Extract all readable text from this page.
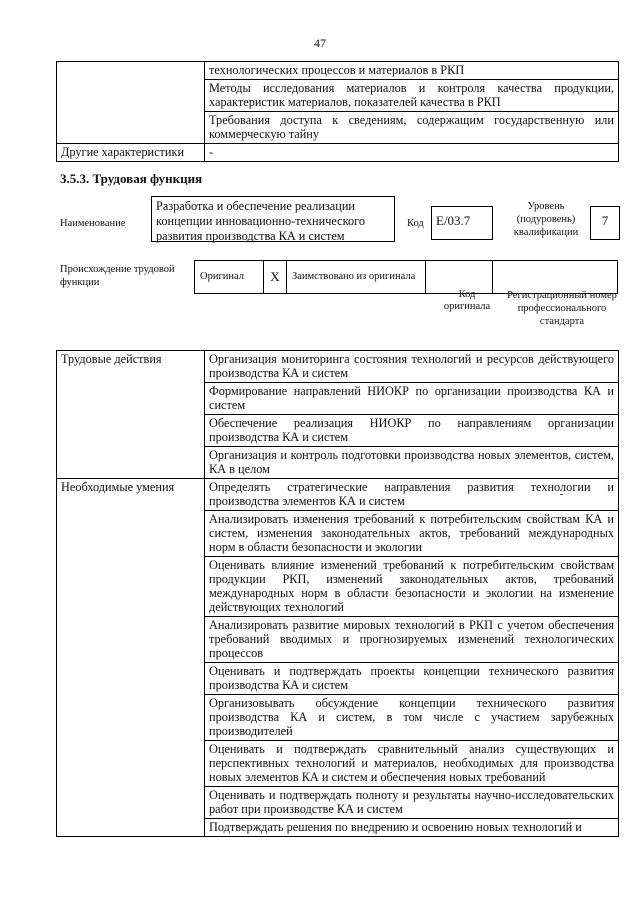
47
	технологических процессов и материалов в РКП
	Методы исследования материалов и контроля качества продукции, характеристик материалов, показателей качества в РКП
	Требования доступа к сведениям, содержащим государственную или коммерческую тайну
Другие характеристики	-
3.5.3. Трудовая функция
Наименование
Разработка и обеспечение реализации концепции инновационно-технического развития производства КА и систем
Код E/03.7
Уровень (подуровень) квалификации
7
Происхождение трудовой функции
Оригинал	X	Заимствовано из оригинала		
Код оригинала
Регистрационный номер профессионального стандарта
Трудовые действия	Организация мониторинга состояния технологий и ресурсов действующего производства КА и систем
	Формирование направлений НИОКР по организации производства КА и систем
	Обеспечение реализация НИОКР по направлениям организации производства КА и систем
	Организация и контроль подготовки производства новых элементов, систем, КА в целом
Необходимые умения	Определять стратегические направления развития технологии и производства элементов КА и систем
	Анализировать изменения требований к потребительским свойствам КА и систем, изменения законодательных актов, требований международных норм в области безопасности и экологии
	Оценивать влияние изменений требований к потребительским свойствам продукции РКП, изменений законодательных актов, требований международных норм в области безопасности и экологии на изменение действующих технологий
	Анализировать развитие мировых технологий в РКП с учетом обеспечения требований вводимых и прогнозируемых изменений технологических процессов
	Оценивать и подтверждать проекты концепции технического развития производства КА и систем
	Организовывать обсуждение концепции технического развития производства КА и систем, в том числе с участием зарубежных производителей
	Оценивать и подтверждать сравнительный анализ существующих и перспективных технологий и материалов, необходимых для производства новых элементов КА и систем и обеспечения новых требований
	Оценивать и подтверждать полноту и результаты научно-исследовательских работ при производстве КА и систем
	Подтверждать решения по внедрению и освоению новых технологий и
